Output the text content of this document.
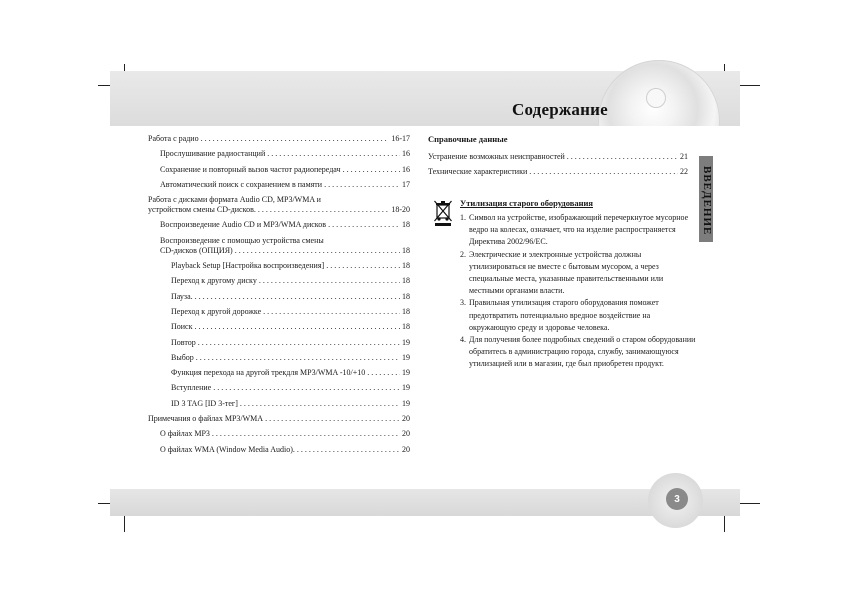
Содержание
ВВЕДЕНИЕ
Работа с радио . . .	16-17
Прослушивание радиостанций . . .	16
Сохранение и повторный вызов частот радиопередач . . .	16
Автоматический поиск с сохранением в памяти . . .	17
Работа с дисками формата Audio CD, MP3/WMA и
устройством смены CD-дисков. . . .	18-20
Воспроизведение Audio CD и MP3/WMA дисков . . .	18
Воспроизведение с помощью устройства смены
CD-дисков (ОПЦИЯ) . . .	18
Playback Setup [Настройка воспроизведения] . . .	18
Переход к другому диску . . .	18
Пауза. . . .	18
Переход к другой дорожке . . .	18
Поиск . . .	18
Повтор . . .	19
Выбор . . .	19
Функция перехода на другой трекдля MP3/WMA -10/+10 . . .	19
Вступление . . .	19
ID 3 TAG [ID 3-тег] . . .	19
Примечания о файлах MP3/WMA . . .	20
О файлах MP3 . . .	20
О файлах WMA (Window Media Audio). . . .	20
Справочные данные
Устранение возможных неисправностей . . .	21
Технические характеристики . . .	22
Утилизация старого оборудования
1. Символ на устройстве, изображающий перечеркнутое мусорное ведро на колесах, означает, что на изделие распространяется Директива 2002/96/ЕС.
2. Электрические и электронные устройства должны утилизироваться не вместе с бытовым мусором, а через специальные места, указанные правительственными или местными органами власти.
3. Правильная утилизация старого оборудования поможет предотвратить потенциально вредное воздействие на окружающую среду и здоровье человека.
4. Для получения более подробных сведений о старом оборудовании обратитесь в администрацию города, службу, занимающуюся утилизацией или в магазин, где был приобретен продукт.
3
